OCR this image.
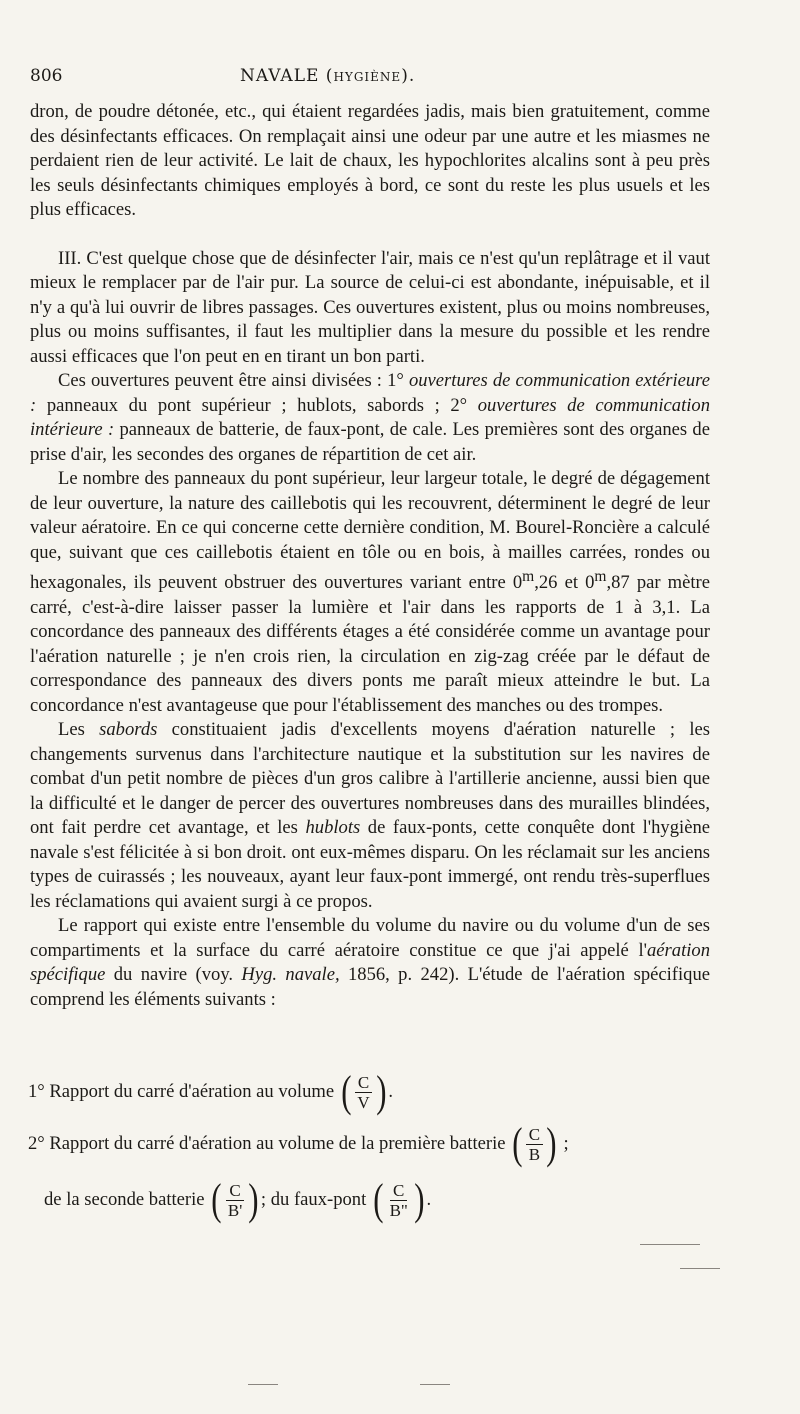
806	NAVALE (HYGIÈNE).

dron, de poudre détonée, etc., qui étaient regardées jadis, mais bien gratuitement, comme des désinfectants efficaces. On remplaçait ainsi une odeur par une autre et les miasmes ne perdaient rien de leur activité. Le lait de chaux, les hypochlorites alcalins sont à peu près les seuls désinfectants chimiques employés à bord, ce sont du reste les plus usuels et les plus efficaces.

III. C'est quelque chose que de désinfecter l'air, mais ce n'est qu'un replâtrage et il vaut mieux le remplacer par de l'air pur. La source de celui-ci est abondante, inépuisable, et il n'y a qu'à lui ouvrir de libres passages. Ces ouvertures existent, plus ou moins nombreuses, plus ou moins suffisantes, il faut les multiplier dans la mesure du possible et les rendre aussi efficaces que l'on peut en en tirant un bon parti.

Ces ouvertures peuvent être ainsi divisées : 1° ouvertures de communication extérieure : panneaux du pont supérieur ; hublots, sabords ; 2° ouvertures de communication intérieure : panneaux de batterie, de faux-pont, de cale. Les premières sont des organes de prise d'air, les secondes des organes de répartition de cet air.

Le nombre des panneaux du pont supérieur, leur largeur totale, le degré de dégagement de leur ouverture, la nature des caillebotis qui les recouvrent, déterminent le degré de leur valeur aératoire. En ce qui concerne cette dernière condition, M. Bourel-Roncière a calculé que, suivant que ces caillebotis étaient en tôle ou en bois, à mailles carrées, rondes ou hexagonales, ils peuvent obstruer des ouvertures variant entre 0$^m$,26 et 0$^m$,87 par mètre carré, c'est-à-dire laisser passer la lumière et l'air dans les rapports de 1 à 3,1. La concordance des panneaux des différents étages a été considérée comme un avantage pour l'aération naturelle ; je n'en crois rien, la circulation en zig-zag créée par le défaut de correspondance des panneaux des divers ponts me paraît mieux atteindre le but. La concordance n'est avantageuse que pour l'établissement des manches ou des trompes.

Les sabords constituaient jadis d'excellents moyens d'aération naturelle ; les changements survenus dans l'architecture nautique et la substitution sur les navires de combat d'un petit nombre de pièces d'un gros calibre à l'artillerie ancienne, aussi bien que la difficulté et le danger de percer des ouvertures nombreuses dans des murailles blindées, ont fait perdre cet avantage, et les hublots de faux-ponts, cette conquête dont l'hygiène navale s'est félicitée à si bon droit. ont eux-mêmes disparu. On les réclamait sur les anciens types de cuirassés ; les nouveaux, ayant leur faux-pont immergé, ont rendu très-superflues les réclamations qui avaient surgi à ce propos.

Le rapport qui existe entre l'ensemble du volume du navire ou du volume d'un de ses compartiments et la surface du carré aératoire constitue ce que j'ai appelé l'aération spécifique du navire (voy. Hyg. navale, 1856, p. 242). L'étude de l'aération spécifique comprend les éléments suivants :

1° Rapport du carré d'aération au volume
( $\frac{C}{V}$ ) .
2° Rapport du carré d'aération au volume de la première batterie
( $\frac{C}{B}$ )
;
de la seconde batterie
( $\frac{C}{B'}$ ) ; du faux-pont
( $\frac{C}{B"}$ ) .
